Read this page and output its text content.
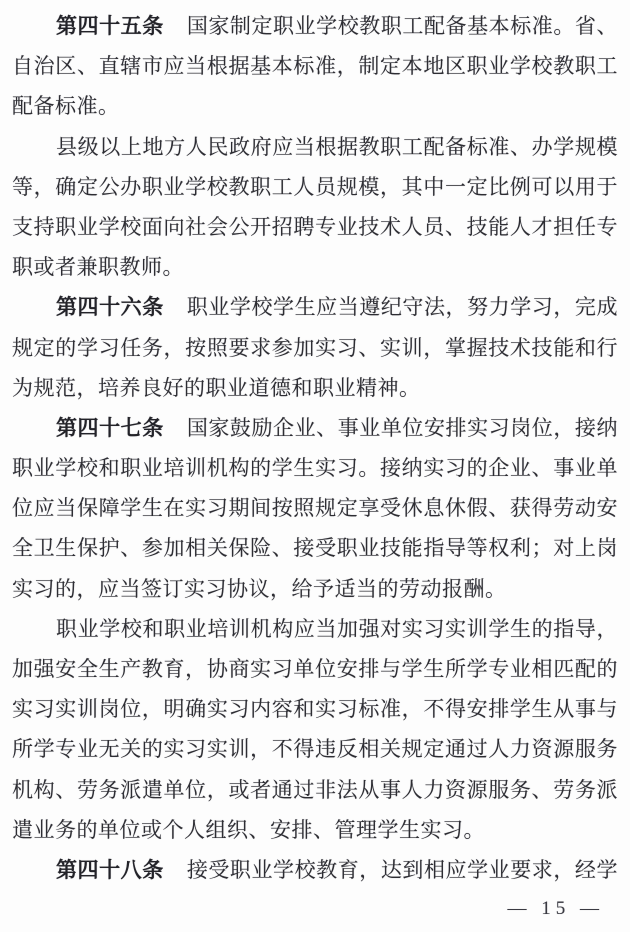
第四十五条 国家制定职业学校教职工配备基本标准。省、
自治区、直辖市应当根据基本标准，制定本地区职业学校教职工
配备标准。
县级以上地方人民政府应当根据教职工配备标准、办学规模
等，确定公办职业学校教职工人员规模，其中一定比例可以用于
支持职业学校面向社会公开招聘专业技术人员、技能人才担任专
职或者兼职教师。
第四十六条 职业学校学生应当遵纪守法，努力学习，完成
规定的学习任务，按照要求参加实习、实训，掌握技术技能和行
为规范，培养良好的职业道德和职业精神。
第四十七条 国家鼓励企业、事业单位安排实习岗位，接纳
职业学校和职业培训机构的学生实习。接纳实习的企业、事业单
位应当保障学生在实习期间按照规定享受休息休假、获得劳动安
全卫生保护、参加相关保险、接受职业技能指导等权利；对上岗
实习的，应当签订实习协议，给予适当的劳动报酬。
职业学校和职业培训机构应当加强对实习实训学生的指导，
加强安全生产教育，协商实习单位安排与学生所学专业相匹配的
实习实训岗位，明确实习内容和实习标准，不得安排学生从事与
所学专业无关的实习实训，不得违反相关规定通过人力资源服务
机构、劳务派遣单位，或者通过非法从事人力资源服务、劳务派
遣业务的单位或个人组织、安排、管理学生实习。
第四十八条 接受职业学校教育，达到相应学业要求，经学
— 15 —
